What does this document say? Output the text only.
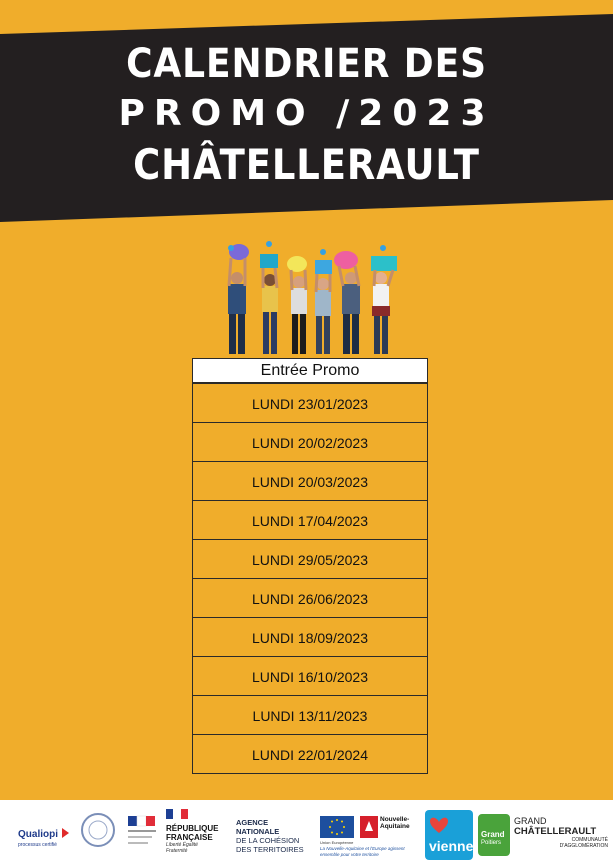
CALENDRIER DES
PROMO /2023
CHÂTELLERAULT
Entrée Promo
LUNDI 23/01/2023
LUNDI 20/02/2023
LUNDI 20/03/2023
LUNDI 17/04/2023
LUNDI 29/05/2023
LUNDI 26/06/2023
LUNDI 18/09/2023
LUNDI 16/10/2023
LUNDI 13/11/2023
LUNDI 22/01/2024
Qualiopi
processus certifié
RÉPUBLIQUE
FRANÇAISE
Liberté Égalité Fraternité
AGENCE
NATIONALE
DE LA COHÉSION
DES TERRITOIRES
Union Européenne
Nouvelle-
Aquitaine
La Nouvelle-Aquitaine et l'Europe agissent ensemble pour votre territoire	vienne
Grand
Poitiers
GRAND
CHÂTELLERAULT
COMMUNAUTÉ
D'AGGLOMÉRATION
